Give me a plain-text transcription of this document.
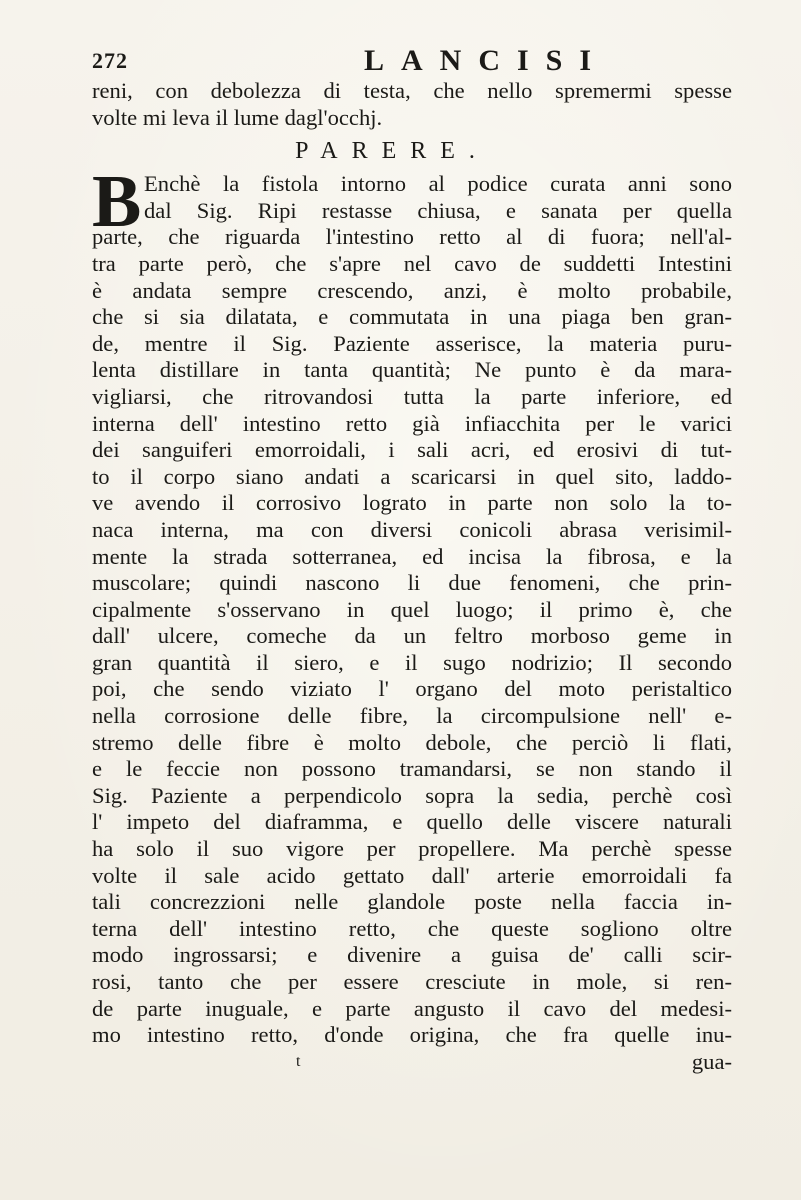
272	LANCISI
reni, con debolezza di testa, che nello spremermi spesse
volte mi leva il lume dagl'occhj.
PARERE.
B Enchè la fistola intorno al podice curata anni sono
dal Sig. Ripi restasse chiusa, e sanata per quella
parte, che riguarda l'intestino retto al di fuora; nell'al-
tra parte però, che s'apre nel cavo de suddetti Intestini
è andata sempre crescendo, anzi, è molto probabile,
che si sia dilatata, e commutata in una piaga ben gran-
de, mentre il Sig. Paziente asserisce, la materia puru-
lenta distillare in tanta quantità; Ne punto è da mara-
vigliarsi, che ritrovandosi tutta la parte inferiore, ed
interna dell' intestino retto già infiacchita per le varici
dei sanguiferi emorroidali, i sali acri, ed erosivi di tut-
to il corpo siano andati a scaricarsi in quel sito, laddo-
ve avendo il corrosivo lograto in parte non solo la to-
naca interna, ma con diversi conicoli abrasa verisimil-
mente la strada sotterranea, ed incisa la fibrosa, e la
muscolare; quindi nascono li due fenomeni, che prin-
cipalmente s'osservano in quel luogo; il primo è, che
dall' ulcere, comeche da un feltro morboso geme in
gran quantità il siero, e il sugo nodrizio; Il secondo
poi, che sendo viziato l' organo del moto peristaltico
nella corrosione delle fibre, la circompulsione nell' e-
stremo delle fibre è molto debole, che perciò li flati,
e le feccie non possono tramandarsi, se non stando il
Sig. Paziente a perpendicolo sopra la sedia, perchè così
l' impeto del diaframma, e quello delle viscere naturali
ha solo il suo vigore per propellere. Ma perchè spesse
volte il sale acido gettato dall' arterie emorroidali fa
tali concrezzioni nelle glandole poste nella faccia in-
terna dell' intestino retto, che queste sogliono oltre
modo ingrossarsi; e divenire a guisa de' calli scir-
rosi, tanto che per essere cresciute in mole, si ren-
de parte inuguale, e parte angusto il cavo del medesi-
mo intestino retto, d'onde origina, che fra quelle inu-
t	gua-
